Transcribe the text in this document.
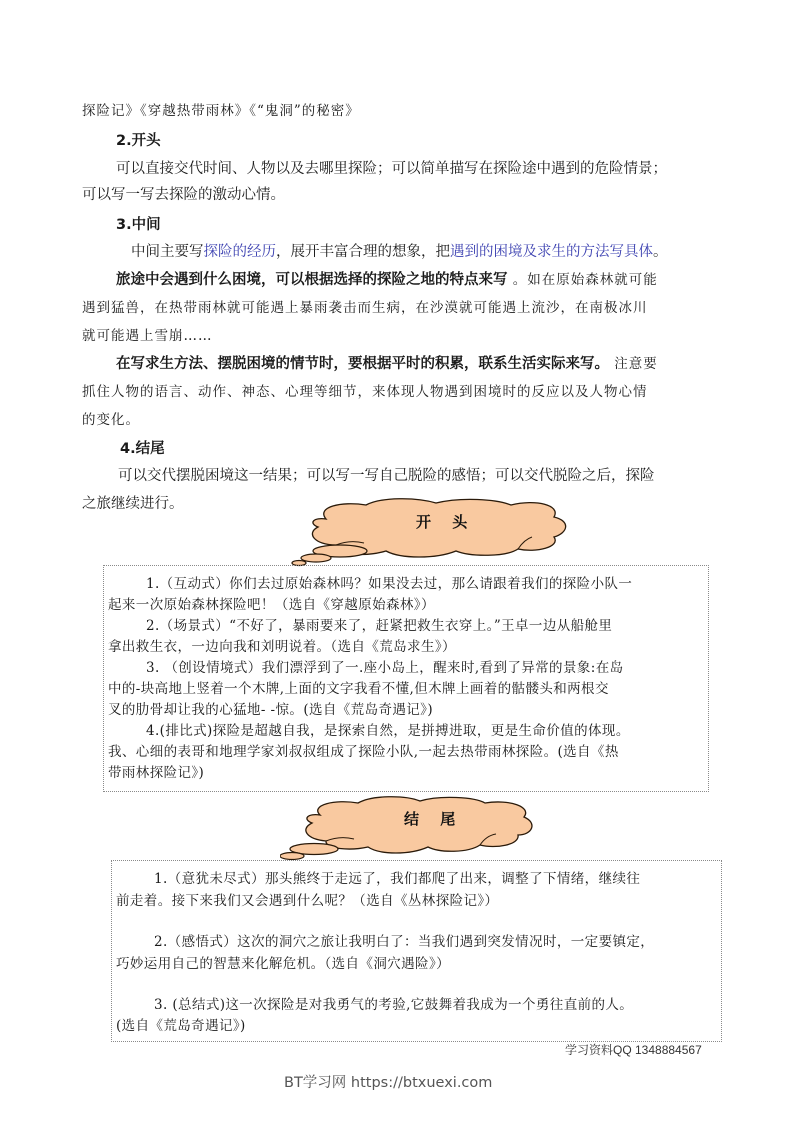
探险记》《穿越热带雨林》《“鬼洞”的秘密》
2.开头
可以直接交代时间、人物以及去哪里探险；可以简单描写在探险途中遇到的危险情景；
可以写一写去探险的激动心情。
3.中间
中间主要写探险的经历，展开丰富合理的想象，把遇到的困境及求生的方法写具体。
旅途中会遇到什么困境，可以根据选择的探险之地的特点来写 。如在原始森林就可能
遇到猛兽，在热带雨林就可能遇上暴雨袭击而生病，在沙漠就可能遇上流沙，在南极冰川
就可能遇上雪崩……
在写求生方法、摆脱困境的情节时，要根据平时的积累，联系生活实际来写。 注意要
抓住人物的语言、动作、神态、心理等细节，来体现人物遇到困境时的反应以及人物心情
的变化。
4.结尾
可以交代摆脱困境这一结果；可以写一写自己脱险的感悟；可以交代脱险之后，探险
之旅继续进行。
开 头
1.（互动式）你们去过原始森林吗？如果没去过，那么请跟着我们的探险小队一
起来一次原始森林探险吧！（选自《穿越原始森林》）
2.（场景式）“不好了，暴雨要来了，赶紧把救生衣穿上。”王卓一边从船舱里
拿出救生衣，一边向我和刘明说着。（选自《荒岛求生》）
3. （创设情境式）我们漂浮到了一.座小岛上，醒来时,看到了异常的景象:在岛
中的-块高地上竖着一个木牌,上面的文字我看不懂,但木牌上画着的骷髅头和两根交
叉的肋骨却让我的心猛地- -惊。(选自《荒岛奇遇记》)
4.(排比式)探险是超越自我，是探索自然，是拼搏进取，更是生命价值的体现。
我、心细的表哥和地理学家刘叔叔组成了探险小队,一起去热带雨林探险。(选自《热
带雨林探险记》)
结 尾
1.（意犹未尽式）那头熊终于走远了，我们都爬了出来，调整了下情绪，继续往
前走着。接下来我们又会遇到什么呢？（选自《丛林探险记》）
2.（感悟式）这次的洞穴之旅让我明白了：当我们遇到突发情况时，一定要镇定，
巧妙运用自己的智慧来化解危机。（选自《洞穴遇险》）
3. (总结式)这一次探险是对我勇气的考验,它鼓舞着我成为一个勇往直前的人。
(选自《荒岛奇遇记》)
学习资料QQ 1348884567
BT学习网 https://btxuexi.com
